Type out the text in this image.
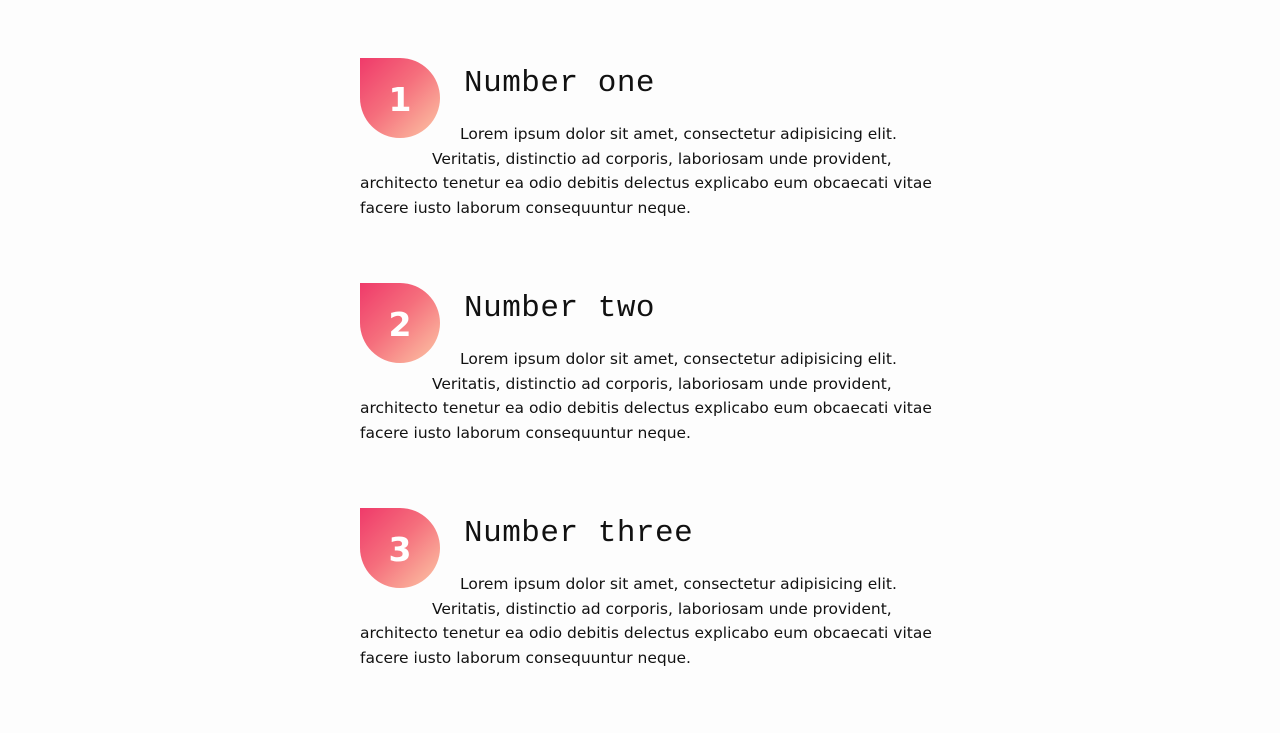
1 Number one

Lorem ipsum dolor sit amet, consectetur adipisicing elit.
Veritatis, distinctio ad corporis, laboriosam unde provident,
architecto tenetur ea odio debitis delectus explicabo eum obcaecati vitae
facere iusto laborum consequuntur neque.

2 Number two

Lorem ipsum dolor sit amet, consectetur adipisicing elit.
Veritatis, distinctio ad corporis, laboriosam unde provident,
architecto tenetur ea odio debitis delectus explicabo eum obcaecati vitae
facere iusto laborum consequuntur neque.

3 Number three

Lorem ipsum dolor sit amet, consectetur adipisicing elit.
Veritatis, distinctio ad corporis, laboriosam unde provident,
architecto tenetur ea odio debitis delectus explicabo eum obcaecati vitae
facere iusto laborum consequuntur neque.
